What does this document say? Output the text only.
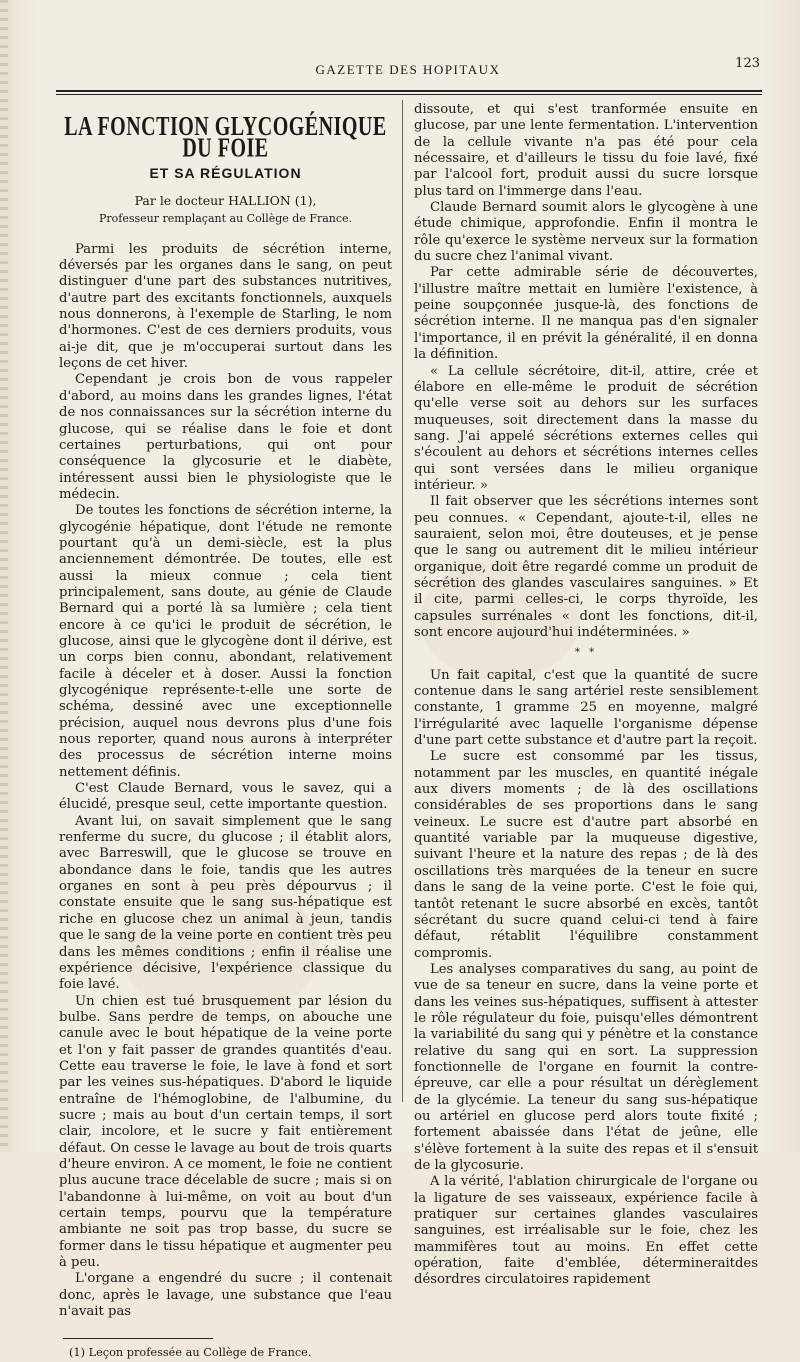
GAZETTE DES HOPITAUX	123
LA FONCTION GLYCOGÉNIQUE DU FOIE
ET SA RÉGULATION
Par le docteur HALLION (1),
Professeur remplaçant au Collège de France.

Parmi les produits de sécrétion interne, déversés par les organes dans le sang, on peut distinguer d'une part des substances nutritives, d'autre part des excitants fonctionnels, auxquels nous donnerons, à l'exemple de Starling, le nom d'hormones. C'est de ces derniers produits, vous ai-je dit, que je m'occuperai surtout dans les leçons de cet hiver.

Cependant je crois bon de vous rappeler d'abord, au moins dans les grandes lignes, l'état de nos connaissances sur la sécrétion interne du glucose, qui se réalise dans le foie et dont certaines perturbations, qui ont pour conséquence la glycosurie et le diabète, intéressent aussi bien le physiologiste que le médecin.

De toutes les fonctions de sécrétion interne, la glycogénie hépatique, dont l'étude ne remonte pourtant qu'à un demi-siècle, est la plus anciennement démontrée. De toutes, elle est aussi la mieux connue ; cela tient principalement, sans doute, au génie de Claude Bernard qui a porté là sa lumière ; cela tient encore à ce qu'ici le produit de sécrétion, le glucose, ainsi que le glycogène dont il dérive, est un corps bien connu, abondant, relativement facile à déceler et à doser. Aussi la fonction glycogénique représente-t-elle une sorte de schéma, dessiné avec une exceptionnelle précision, auquel nous devrons plus d'une fois nous reporter, quand nous aurons à interpréter des processus de sécrétion interne moins nettement définis.

C'est Claude Bernard, vous le savez, qui a élucidé, presque seul, cette importante question.

Avant lui, on savait simplement que le sang renferme du sucre, du glucose ; il établit alors, avec Barreswill, que le glucose se trouve en abondance dans le foie, tandis que les autres organes en sont à peu près dépourvus ; il constate ensuite que le sang sus-hépatique est riche en glucose chez un animal à jeun, tandis que le sang de la veine porte en contient très peu dans les mêmes conditions ; enfin il réalise une expérience décisive, l'expérience classique du foie lavé.

Un chien est tué brusquement par lésion du bulbe. Sans perdre de temps, on abouche une canule avec le bout hépatique de la veine porte et l'on y fait passer de grandes quantités d'eau. Cette eau traverse le foie, le lave à fond et sort par les veines sus-hépatiques. D'abord le liquide entraîne de l'hémoglobine, de l'albumine, du sucre ; mais au bout d'un certain temps, il sort clair, incolore, et le sucre y fait entièrement défaut. On cesse le lavage au bout de trois quarts d'heure environ. A ce moment, le foie ne contient plus aucune trace décelable de sucre ; mais si on l'abandonne à lui-même, on voit au bout d'un certain temps, pourvu que la température ambiante ne soit pas trop basse, du sucre se former dans le tissu hépatique et augmenter peu à peu.

L'organe a engendré du sucre ; il contenait donc, après le lavage, une substance que l'eau n'avait pas

(1) Leçon professée au Collège de France.

dissoute, et qui s'est tranformée ensuite en glucose, par une lente fermentation. L'intervention de la cellule vivante n'a pas été pour cela nécessaire, et d'ailleurs le tissu du foie lavé, fixé par l'alcool fort, produit aussi du sucre lorsque plus tard on l'immerge dans l'eau.

Claude Bernard soumit alors le glycogène à une étude chimique, approfondie. Enfin il montra le rôle qu'exerce le système nerveux sur la formation du sucre chez l'animal vivant.

Par cette admirable série de découvertes, l'illustre maître mettait en lumière l'existence, à peine soupçonnée jusque-là, des fonctions de sécrétion interne. Il ne manqua pas d'en signaler l'importance, il en prévit la généralité, il en donna la définition.

« La cellule sécrétoire, dit-il, attire, crée et élabore en elle-même le produit de sécrétion qu'elle verse soit au dehors sur les surfaces muqueuses, soit directement dans la masse du sang. J'ai appelé sécrétions externes celles qui s'écoulent au dehors et sécrétions internes celles qui sont versées dans le milieu organique intérieur. »

Il fait observer que les sécrétions internes sont peu connues. « Cependant, ajoute-t-il, elles ne sauraient, selon moi, être douteuses, et je pense que le sang ou autrement dit le milieu intérieur organique, doit être regardé comme un produit de sécrétion des glandes vasculaires sanguines. » Et il cite, parmi celles-ci, le corps thyroïde, les capsules surrénales « dont les fonctions, dit-il, sont encore aujourd'hui indéterminées. »

* *

Un fait capital, c'est que la quantité de sucre contenue dans le sang artériel reste sensiblement constante, 1 gramme 25 en moyenne, malgré l'irrégularité avec laquelle l'organisme dépense d'une part cette substance et d'autre part la reçoit.

Le sucre est consommé par les tissus, notamment par les muscles, en quantité inégale aux divers moments ; de là des oscillations considérables de ses proportions dans le sang veineux. Le sucre est d'autre part absorbé en quantité variable par la muqueuse digestive, suivant l'heure et la nature des repas ; de là des oscillations très marquées de la teneur en sucre dans le sang de la veine porte. C'est le foie qui, tantôt retenant le sucre absorbé en excès, tantôt sécrétant du sucre quand celui-ci tend à faire défaut, rétablit l'équilibre constamment compromis.

Les analyses comparatives du sang, au point de vue de sa teneur en sucre, dans la veine porte et dans les veines sus-hépatiques, suffisent à attester le rôle régulateur du foie, puisqu'elles démontrent la variabilité du sang qui y pénètre et la constance relative du sang qui en sort. La suppression fonctionnelle de l'organe en fournit la contre-épreuve, car elle a pour résultat un dérèglement de la glycémie. La teneur du sang sus-hépatique ou artériel en glucose perd alors toute fixité ; fortement abaissée dans l'état de jeûne, elle s'élève fortement à la suite des repas et il s'ensuit de la glycosurie.

A la vérité, l'ablation chirurgicale de l'organe ou la ligature de ses vaisseaux, expérience facile à pratiquer sur certaines glandes vasculaires sanguines, est irréalisable sur le foie, chez les mammifères tout au moins. En effet cette opération, faite d'emblée, détermineraitdes désordres circulatoires rapidement
